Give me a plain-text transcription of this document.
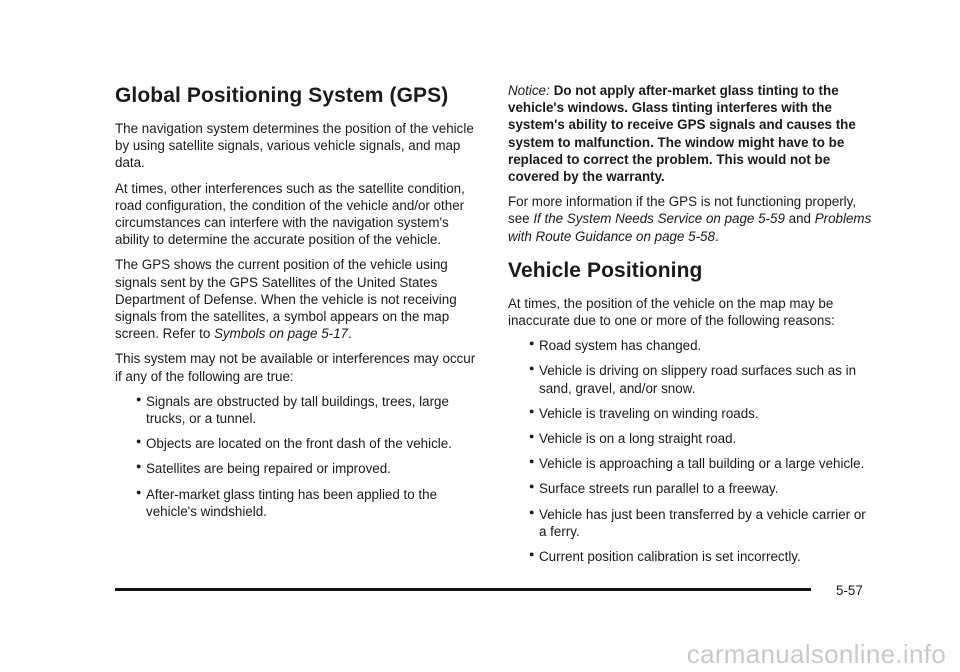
Global Positioning System (GPS)

The navigation system determines the position of the vehicle by using satellite signals, various vehicle signals, and map data.

At times, other interferences such as the satellite condition, road configuration, the condition of the vehicle and/or other circumstances can interfere with the navigation system's ability to determine the accurate position of the vehicle.

The GPS shows the current position of the vehicle using signals sent by the GPS Satellites of the United States Department of Defense. When the vehicle is not receiving signals from the satellites, a symbol appears on the map screen. Refer to Symbols on page 5-17.

This system may not be available or interferences may occur if any of the following are true:

● Signals are obstructed by tall buildings, trees, large trucks, or a tunnel.
● Objects are located on the front dash of the vehicle.
● Satellites are being repaired or improved.
● After-market glass tinting has been applied to the vehicle's windshield.

Notice: Do not apply after-market glass tinting to the vehicle's windows. Glass tinting interferes with the system's ability to receive GPS signals and causes the system to malfunction. The window might have to be replaced to correct the problem. This would not be covered by the warranty.

For more information if the GPS is not functioning properly, see If the System Needs Service on page 5-59 and Problems with Route Guidance on page 5-58.

Vehicle Positioning

At times, the position of the vehicle on the map may be inaccurate due to one or more of the following reasons:

● Road system has changed.
● Vehicle is driving on slippery road surfaces such as in sand, gravel, and/or snow.
● Vehicle is traveling on winding roads.
● Vehicle is on a long straight road.
● Vehicle is approaching a tall building or a large vehicle.
● Surface streets run parallel to a freeway.
● Vehicle has just been transferred by a vehicle carrier or a ferry.
● Current position calibration is set incorrectly.
5-57
carmanualsonline.info
